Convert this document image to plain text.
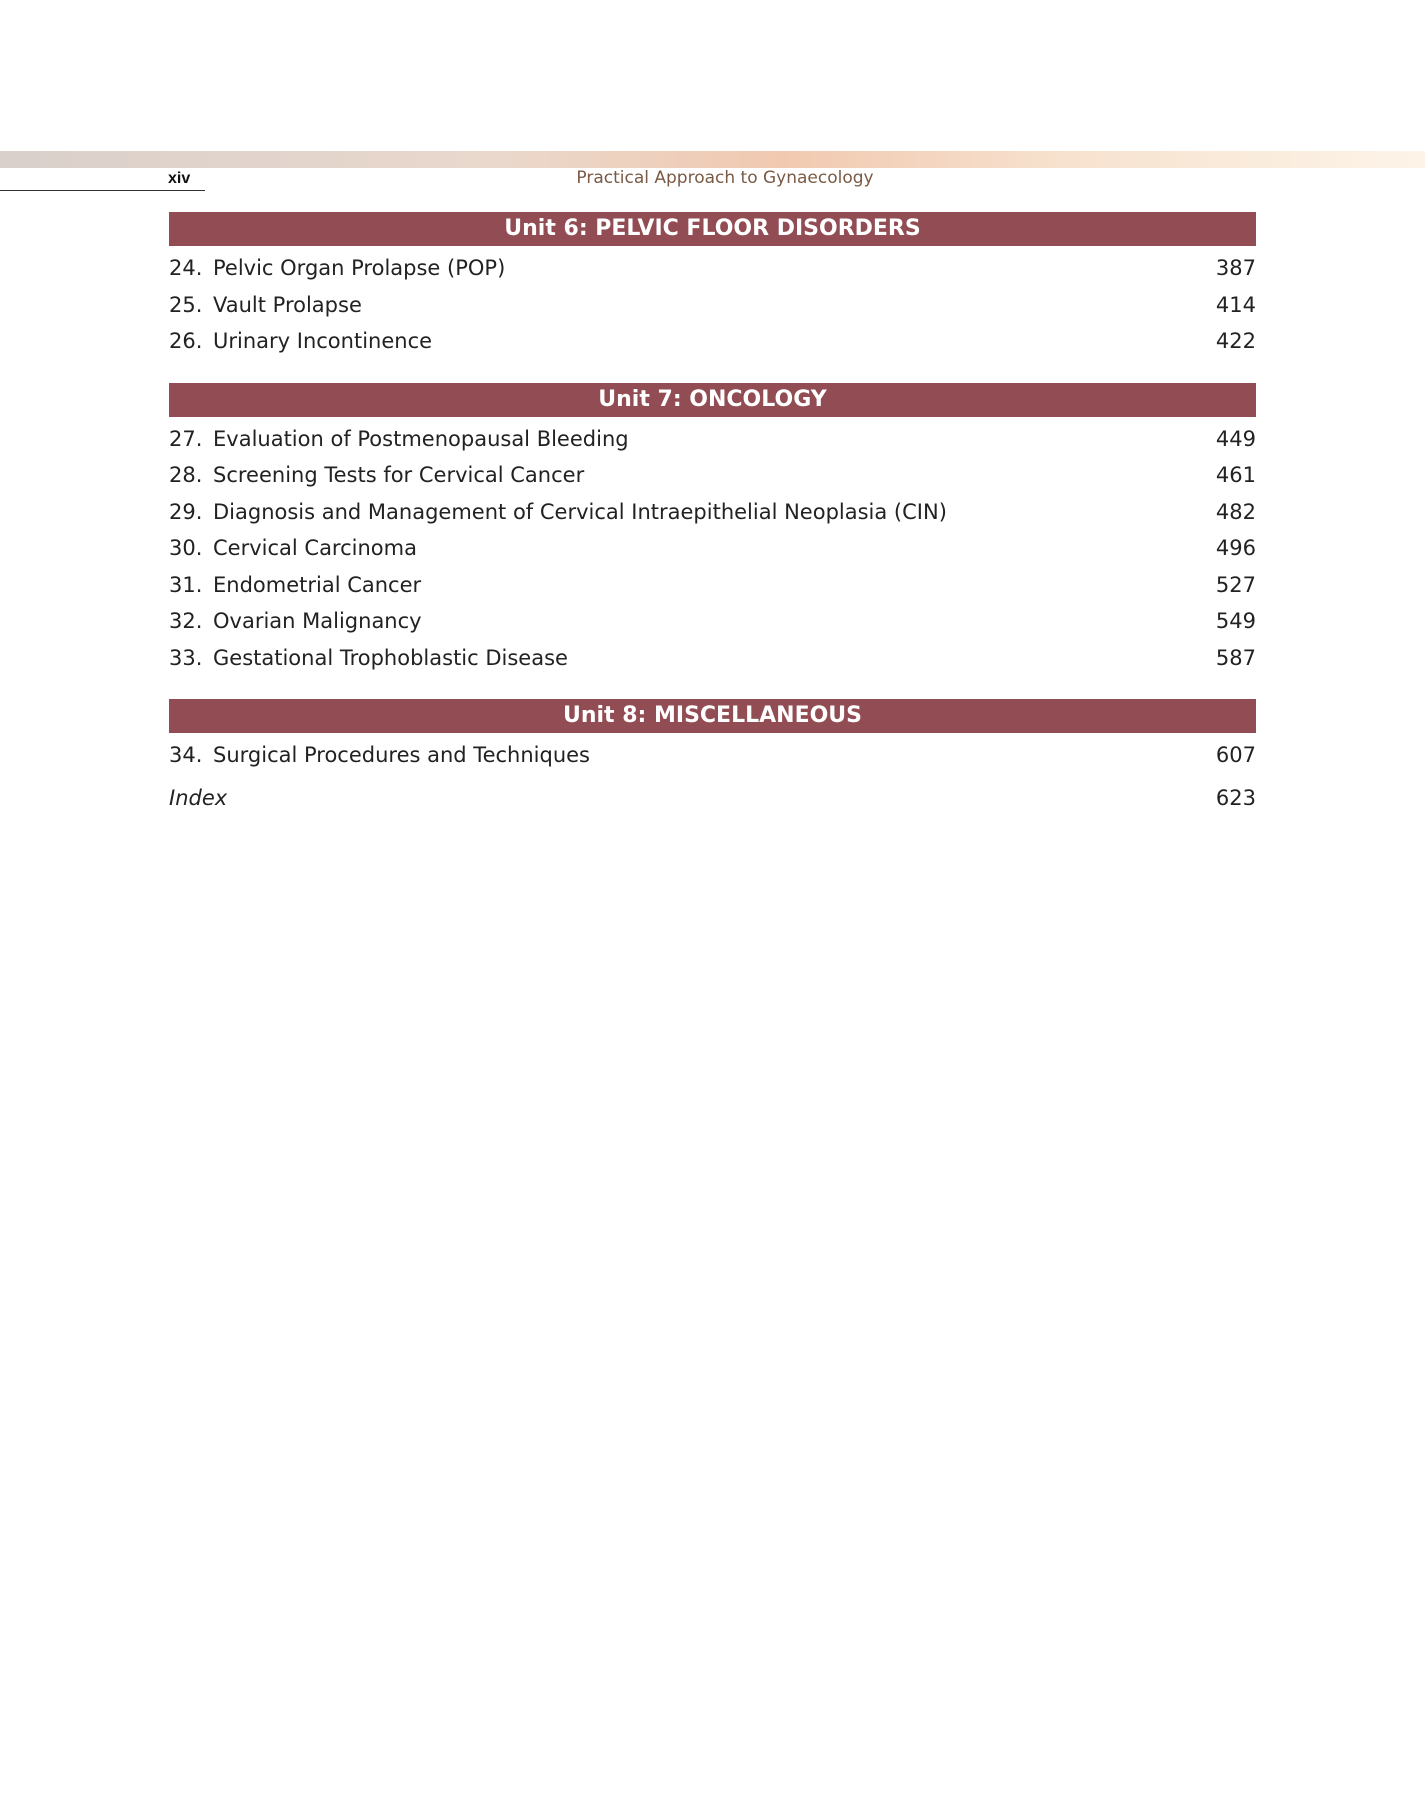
xiv	Practical Approach to Gynaecology
Unit 6: PELVIC FLOOR DISORDERS
24. Pelvic Organ Prolapse (POP)	387
25. Vault Prolapse	414
26. Urinary Incontinence	422
Unit 7: ONCOLOGY
27. Evaluation of Postmenopausal Bleeding	449
28. Screening Tests for Cervical Cancer	461
29. Diagnosis and Management of Cervical Intraepithelial Neoplasia (CIN)	482
30. Cervical Carcinoma	496
31. Endometrial Cancer	527
32. Ovarian Malignancy	549
33. Gestational Trophoblastic Disease	587
Unit 8: MISCELLANEOUS
34. Surgical Procedures and Techniques	607
Index	623
